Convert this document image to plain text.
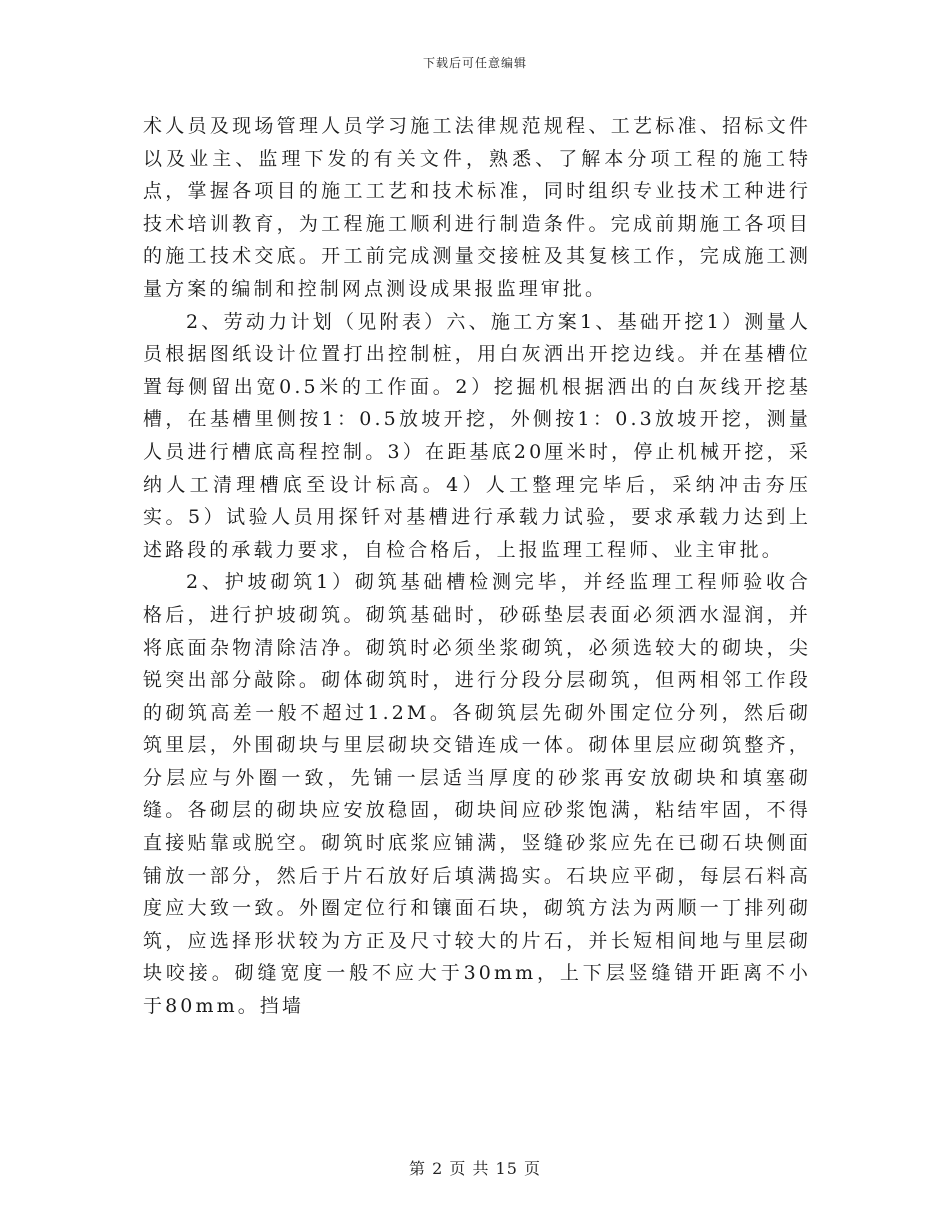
下载后可任意编辑

术人员及现场管理人员学习施工法律规范规程、工艺标准、招标文件以及业主、监理下发的有关文件，熟悉、了解本分项工程的施工特点，掌握各项目的施工工艺和技术标准，同时组织专业技术工种进行技术培训教育，为工程施工顺利进行制造条件。完成前期施工各项目的施工技术交底。开工前完成测量交接桩及其复核工作，完成施工测量方案的编制和控制网点测设成果报监理审批。

2、劳动力计划（见附表）六、施工方案1、基础开挖1）测量人员根据图纸设计位置打出控制桩，用白灰洒出开挖边线。并在基槽位置每侧留出宽0.5米的工作面。2）挖掘机根据洒出的白灰线开挖基槽，在基槽里侧按1：0.5放坡开挖，外侧按1：0.3放坡开挖，测量人员进行槽底高程控制。3）在距基底20厘米时，停止机械开挖，采纳人工清理槽底至设计标高。4）人工整理完毕后，采纳冲击夯压实。5）试验人员用探钎对基槽进行承载力试验，要求承载力达到上述路段的承载力要求，自检合格后，上报监理工程师、业主审批。

2、护坡砌筑1）砌筑基础槽检测完毕，并经监理工程师验收合格后，进行护坡砌筑。砌筑基础时，砂砾垫层表面必须洒水湿润，并将底面杂物清除洁净。砌筑时必须坐浆砌筑，必须选较大的砌块，尖锐突出部分敲除。砌体砌筑时，进行分段分层砌筑，但两相邻工作段的砌筑高差一般不超过1.2M。各砌筑层先砌外围定位分列，然后砌筑里层，外围砌块与里层砌块交错连成一体。砌体里层应砌筑整齐，分层应与外圈一致，先铺一层适当厚度的砂浆再安放砌块和填塞砌缝。各砌层的砌块应安放稳固，砌块间应砂浆饱满，粘结牢固，不得直接贴靠或脱空。砌筑时底浆应铺满，竖缝砂浆应先在已砌石块侧面铺放一部分，然后于片石放好后填满捣实。石块应平砌，每层石料高度应大致一致。外圈定位行和镶面石块，砌筑方法为两顺一丁排列砌筑，应选择形状较为方正及尺寸较大的片石，并长短相间地与里层砌块咬接。砌缝宽度一般不应大于30mm，上下层竖缝错开距离不小于80mm。挡墙

第 2 页 共 15 页
